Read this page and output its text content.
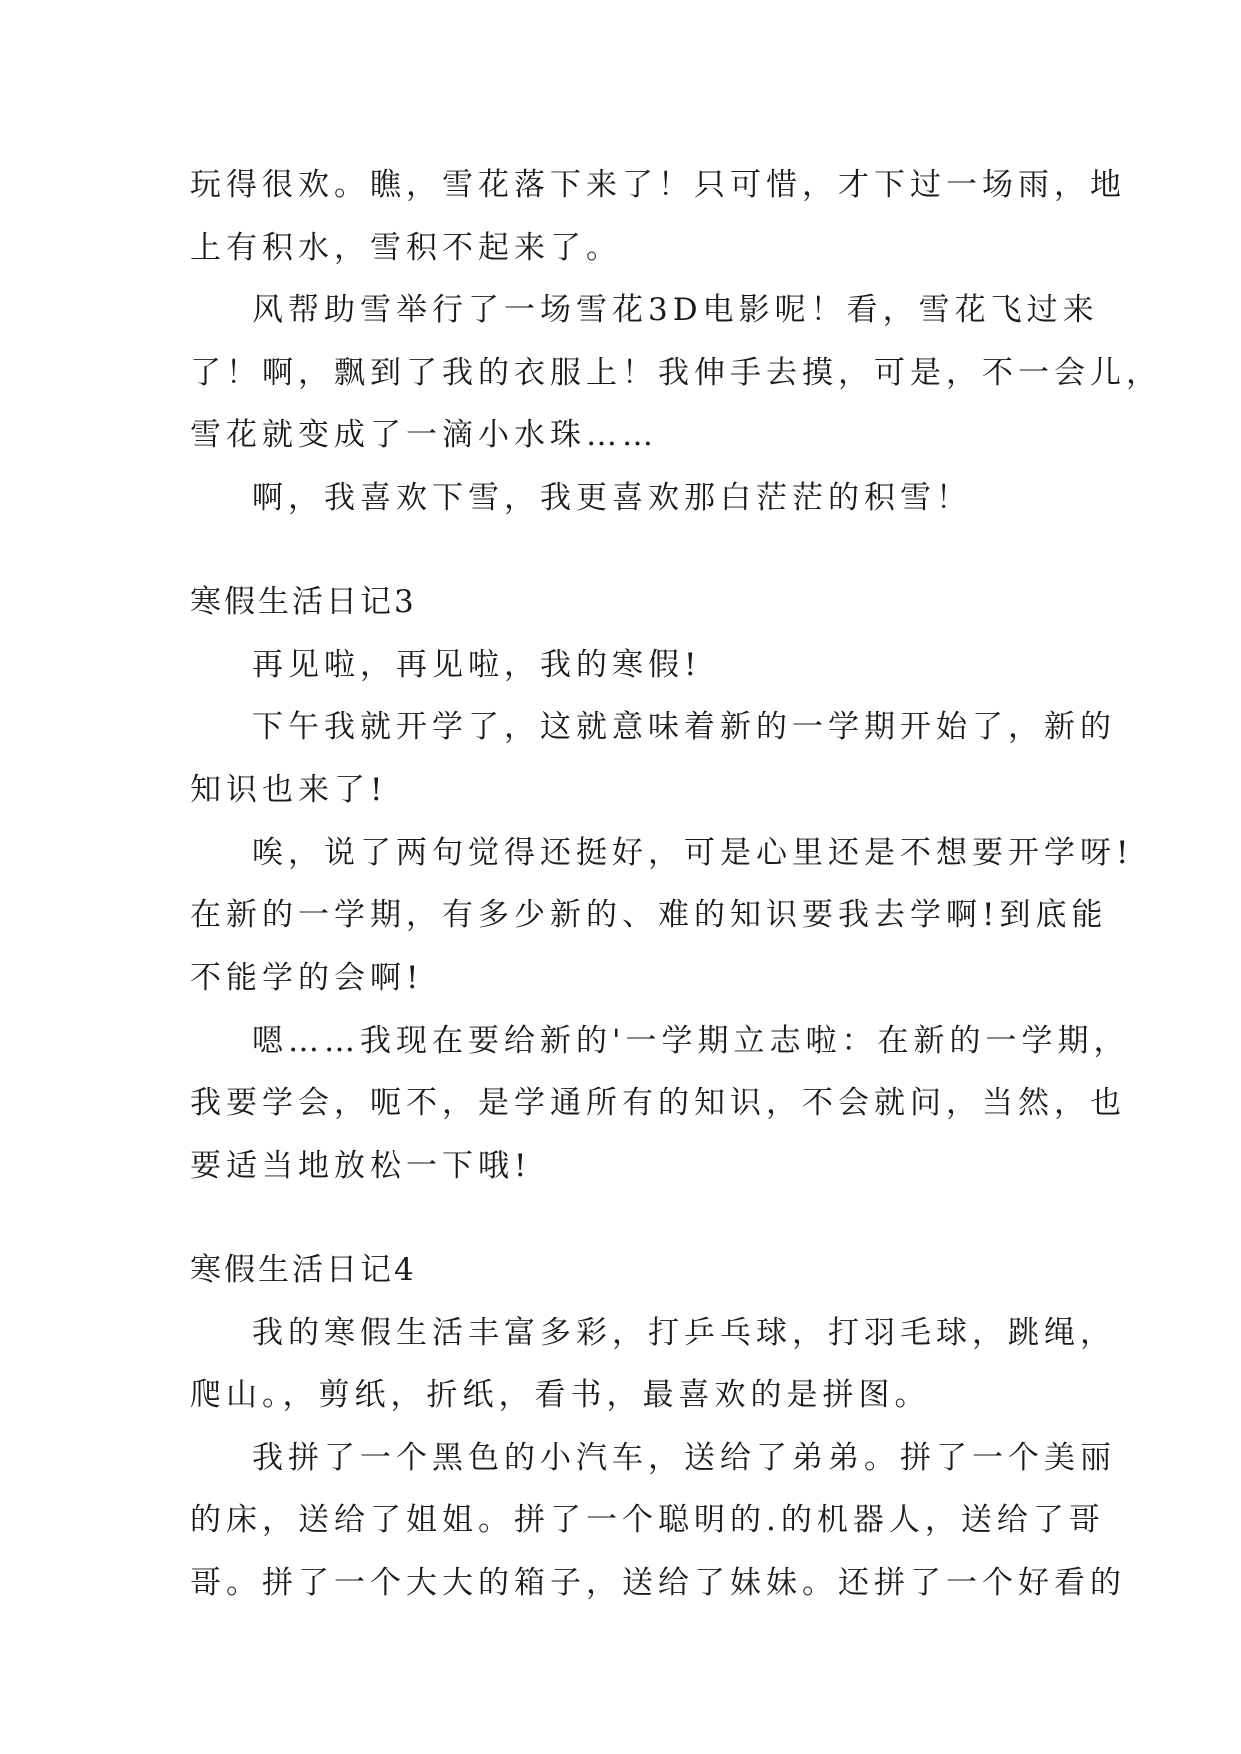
玩得很欢。瞧，雪花落下来了！只可惜，才下过一场雨，地
上有积水，雪积不起来了。
风帮助雪举行了一场雪花3D电影呢！看，雪花飞过来
了！啊，飘到了我的衣服上！我伸手去摸，可是，不一会儿，
雪花就变成了一滴小水珠……
啊，我喜欢下雪，我更喜欢那白茫茫的积雪！
寒假生活日记3
再见啦，再见啦，我的寒假!
下午我就开学了，这就意味着新的一学期开始了，新的
知识也来了!
唉，说了两句觉得还挺好，可是心里还是不想要开学呀!
在新的一学期，有多少新的、难的知识要我去学啊!到底能
不能学的会啊!
嗯……我现在要给新的'一学期立志啦：在新的一学期，
我要学会，呃不，是学通所有的知识，不会就问，当然，也
要适当地放松一下哦!
寒假生活日记4
我的寒假生活丰富多彩，打乒乓球，打羽毛球，跳绳，
爬山。，剪纸，折纸，看书，最喜欢的是拼图。
我拼了一个黑色的小汽车，送给了弟弟。拼了一个美丽
的床，送给了姐姐。拼了一个聪明的.的机器人，送给了哥
哥。拼了一个大大的箱子，送给了妹妹。还拼了一个好看的
